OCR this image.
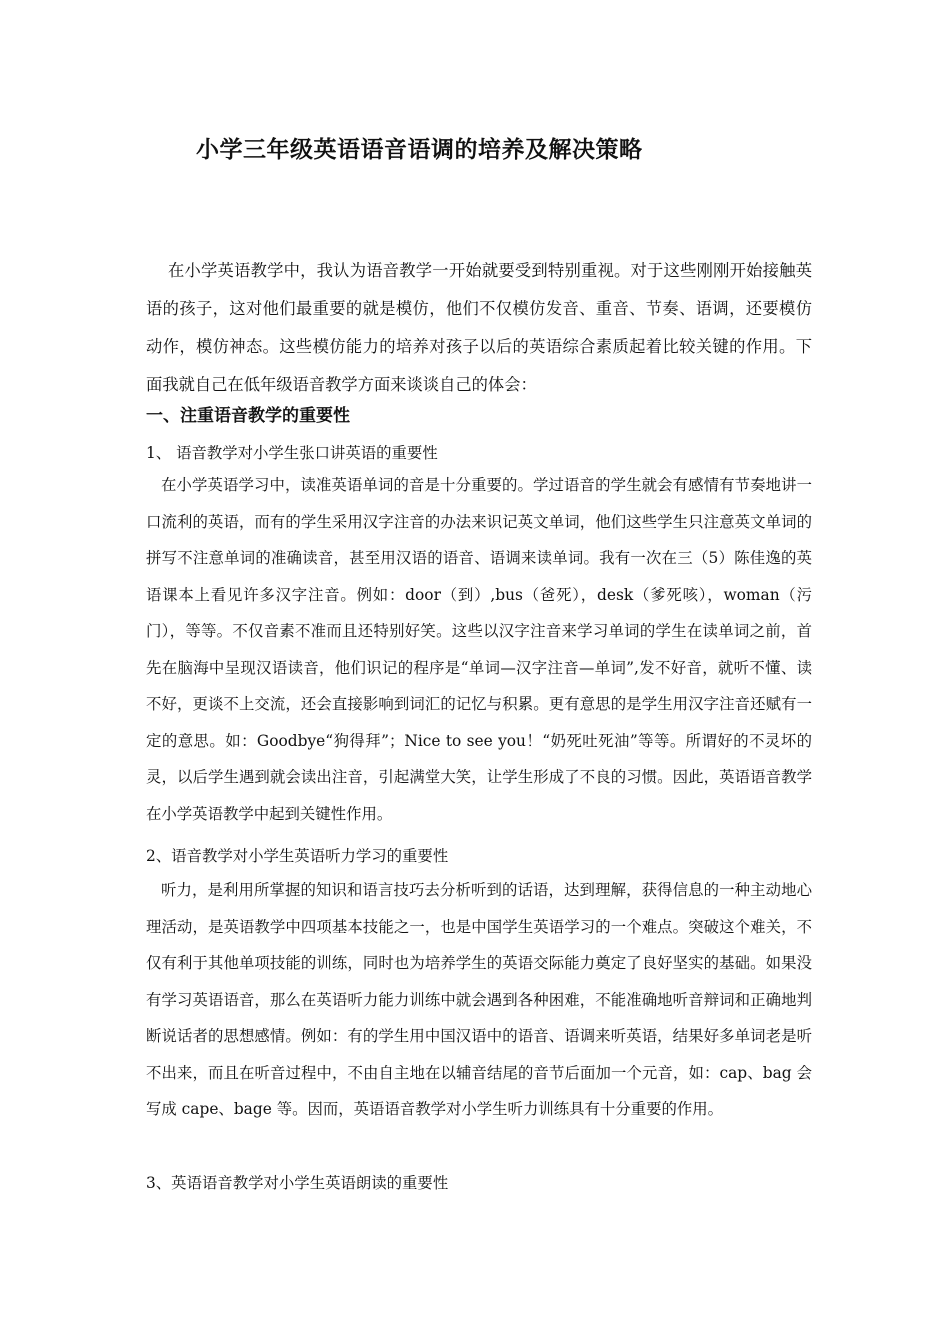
小学三年级英语语音语调的培养及解决策略

在小学英语教学中，我认为语音教学一开始就要受到特别重视。对于这些刚刚开始接触英语的孩子，这对他们最重要的就是模仿，他们不仅模仿发音、重音、节奏、语调，还要模仿动作，模仿神态。这些模仿能力的培养对孩子以后的英语综合素质起着比较关键的作用。下面我就自己在低年级语音教学方面来谈谈自己的体会：

一、注重语音教学的重要性
1、 语音教学对小学生张口讲英语的重要性

在小学英语学习中，读准英语单词的音是十分重要的。学过语音的学生就会有感情有节奏地讲一口流利的英语，而有的学生采用汉字注音的办法来识记英文单词，他们这些学生只注意英文单词的拼写不注意单词的准确读音，甚至用汉语的语音、语调来读单词。我有一次在三（5）陈佳逸的英语课本上看见许多汉字注音。例如：door（到）,bus（爸死），desk（爹死咳），woman（污门），等等。不仅音素不准而且还特别好笑。这些以汉字注音来学习单词的学生在读单词之前，首先在脑海中呈现汉语读音，他们识记的程序是“单词—汉字注音—单词”,发不好音，就听不懂、读不好，更谈不上交流，还会直接影响到词汇的记忆与积累。更有意思的是学生用汉字注音还赋有一定的意思。如：Goodbye“狗得拜”；Nice to see you！“奶死吐死油”等等。所谓好的不灵坏的灵，以后学生遇到就会读出注音，引起满堂大笑，让学生形成了不良的习惯。因此，英语语音教学在小学英语教学中起到关键性作用。

2、语音教学对小学生英语听力学习的重要性

听力，是利用所掌握的知识和语言技巧去分析听到的话语，达到理解，获得信息的一种主动地心理活动，是英语教学中四项基本技能之一，也是中国学生英语学习的一个难点。突破这个难关，不仅有利于其他单项技能的训练，同时也为培养学生的英语交际能力奠定了良好坚实的基础。如果没有学习英语语音，那么在英语听力能力训练中就会遇到各种困难，不能准确地听音辩词和正确地判断说话者的思想感情。例如：有的学生用中国汉语中的语音、语调来听英语，结果好多单词老是听不出来，而且在听音过程中，不由自主地在以辅音结尾的音节后面加一个元音，如：cap、bag 会写成 cape、bage 等。因而，英语语音教学对小学生听力训练具有十分重要的作用。

3、英语语音教学对小学生英语朗读的重要性
